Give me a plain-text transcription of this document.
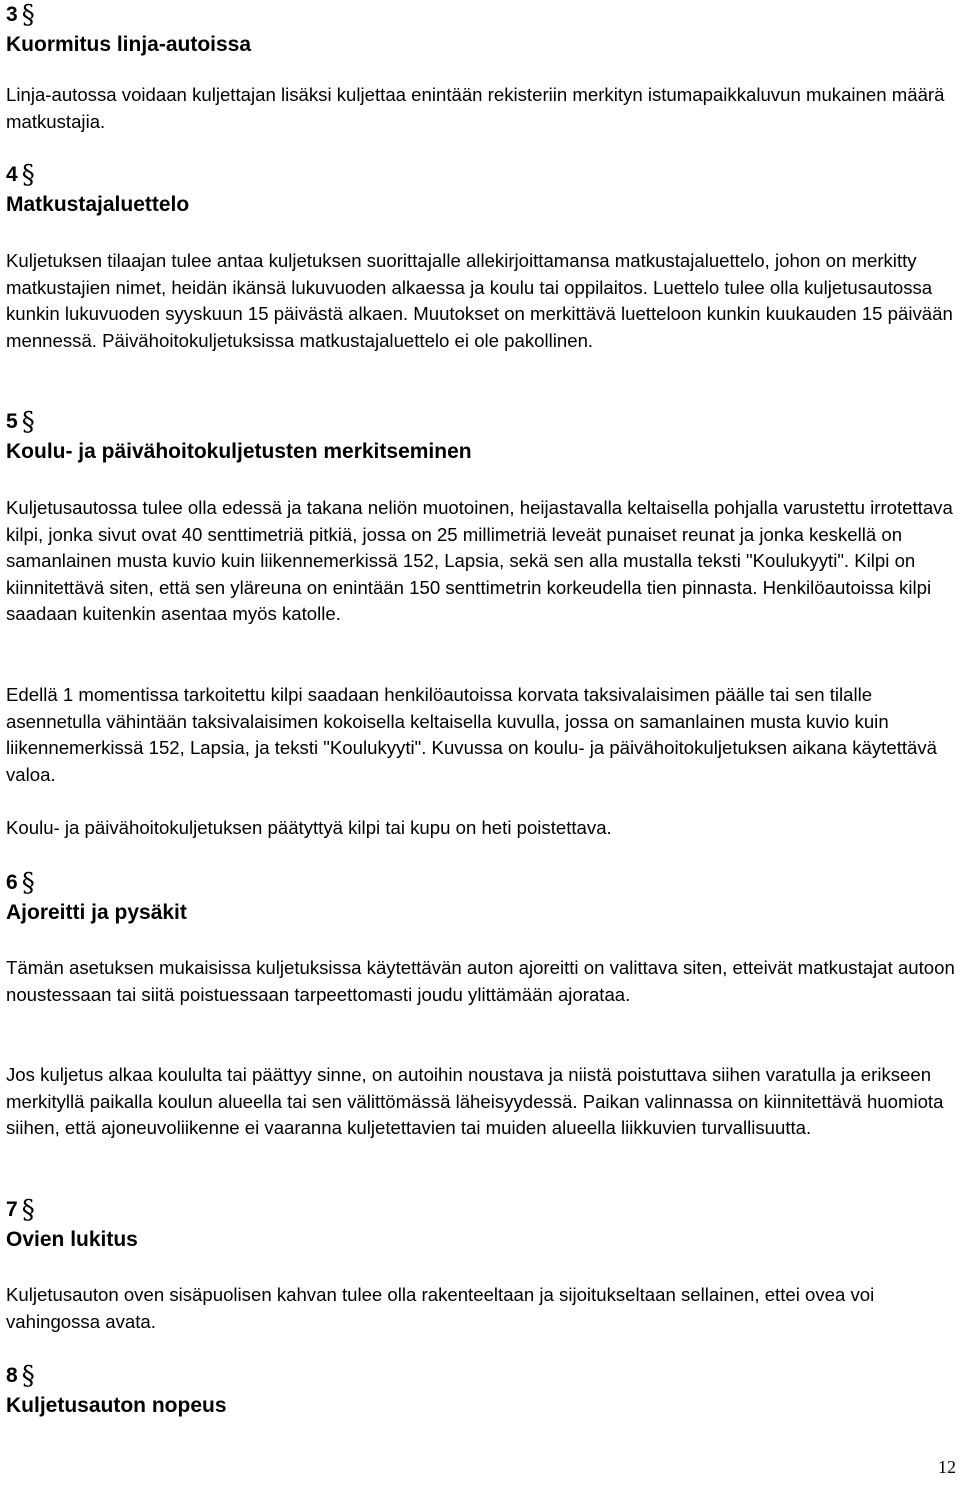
3 §

Kuormitus linja-autoissa

Linja-autossa voidaan kuljettajan lisäksi kuljettaa enintään rekisteriin merkityn istumapaikkaluvun mukainen määrä matkustajia.

4 §

Matkustajaluettelo

Kuljetuksen tilaajan tulee antaa kuljetuksen suorittajalle allekirjoittamansa matkustajaluettelo, johon on merkitty matkustajien nimet, heidän ikänsä lukuvuoden alkaessa ja koulu tai oppilaitos. Luettelo tulee olla kuljetusautossa kunkin lukuvuoden syyskuun 15 päivästä alkaen. Muutokset on merkittävä luetteloon kunkin kuukauden 15 päivään mennessä. Päivähoitokuljetuksissa matkustajaluettelo ei ole pakollinen.

5 §

Koulu- ja päivähoitokuljetusten merkitseminen

Kuljetusautossa tulee olla edessä ja takana neliön muotoinen, heijastavalla keltaisella pohjalla varustettu irrotettava kilpi, jonka sivut ovat 40 senttimetriä pitkiä, jossa on 25 millimetriä leveät punaiset reunat ja jonka keskellä on samanlainen musta kuvio kuin liikennemerkissä 152, Lapsia, sekä sen alla mustalla teksti "Koulukyyti". Kilpi on kiinnitettävä siten, että sen yläreuna on enintään 150 senttimetrin korkeudella tien pinnasta. Henkilöautoissa kilpi saadaan kuitenkin asentaa myös katolle.

Edellä 1 momentissa tarkoitettu kilpi saadaan henkilöautoissa korvata taksivalaisimen päälle tai sen tilalle asennetulla vähintään taksivalaisimen kokoisella keltaisella kuvulla, jossa on samanlainen musta kuvio kuin liikennemerkissä 152, Lapsia, ja teksti "Koulukyyti". Kuvussa on koulu- ja päivähoitokuljetuksen aikana käytettävä valoa.

Koulu- ja päivähoitokuljetuksen päätyttyä kilpi tai kupu on heti poistettava.

6 §

Ajoreitti ja pysäkit

Tämän asetuksen mukaisissa kuljetuksissa käytettävän auton ajoreitti on valittava siten, etteivät matkustajat autoon noustessaan tai siitä poistuessaan tarpeettomasti joudu ylittämään ajorataa.

Jos kuljetus alkaa koululta tai päättyy sinne, on autoihin noustava ja niistä poistuttava siihen varatulla ja erikseen merkityllä paikalla koulun alueella tai sen välittömässä läheisyydessä. Paikan valinnassa on kiinnitettävä huomiota siihen, että ajoneuvoliikenne ei vaaranna kuljetettavien tai muiden alueella liikkuvien turvallisuutta.

7 §

Ovien lukitus

Kuljetusauton oven sisäpuolisen kahvan tulee olla rakenteeltaan ja sijoitukseltaan sellainen, ettei ovea voi vahingossa avata.

8 §

Kuljetusauton nopeus

12
